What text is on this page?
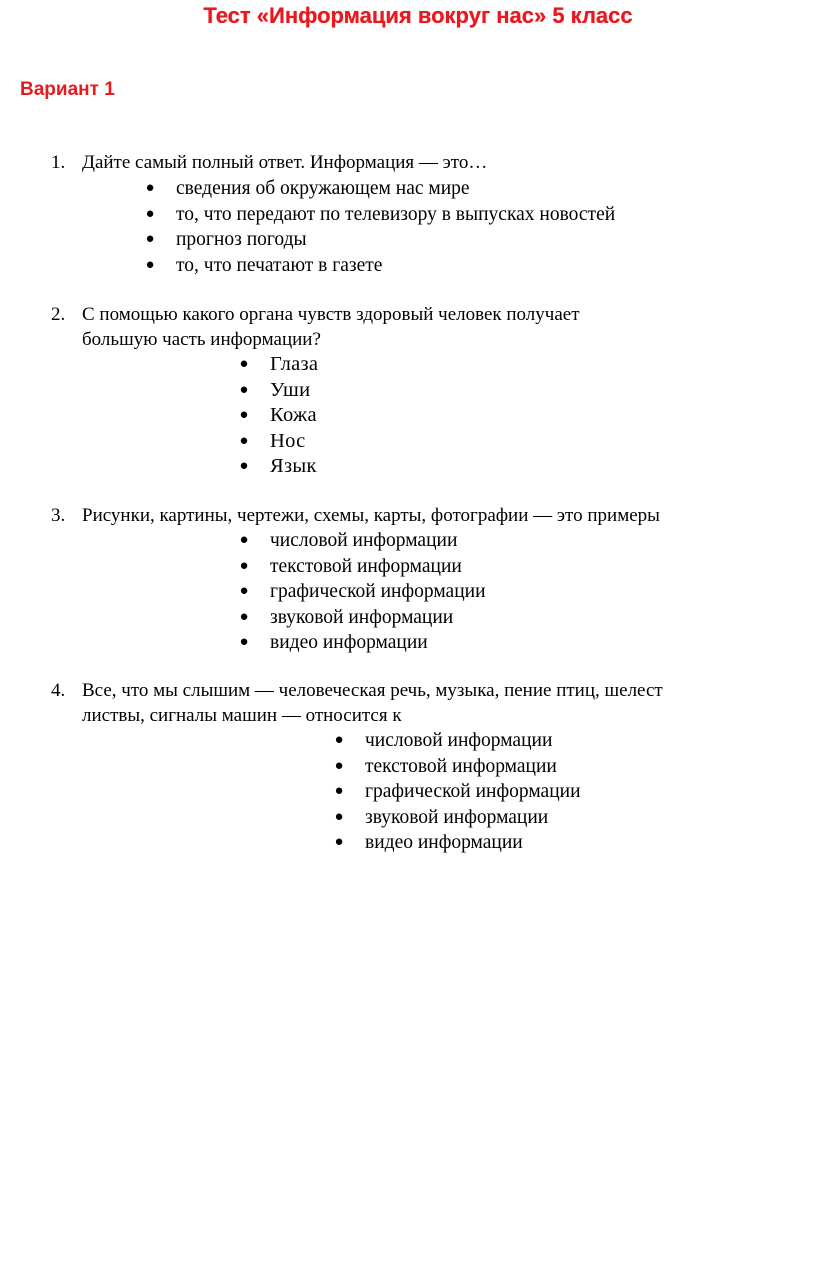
Тест «Информация вокруг нас» 5 класс
Вариант 1
1. Дайте самый полный ответ. Информация — это…
● сведения об окружающем нас мире
● то, что передают по телевизору в выпусках новостей
● прогноз погоды
● то, что печатают в газете
2. С помощью какого органа чувств здоровый человек получает
большую часть информации?
● Глаза
● Уши
● Кожа
● Нос
● Язык
3. Рисунки, картины, чертежи, схемы, карты, фотографии — это примеры
● числовой информации
● текстовой информации
● графической информации
● звуковой информации
● видео информации
4. Все, что мы слышим — человеческая речь, музыка, пение птиц, шелест
листвы, сигналы машин — относится к
● числовой информации
● текстовой информации
● графической информации
● звуковой информации
● видео информации
